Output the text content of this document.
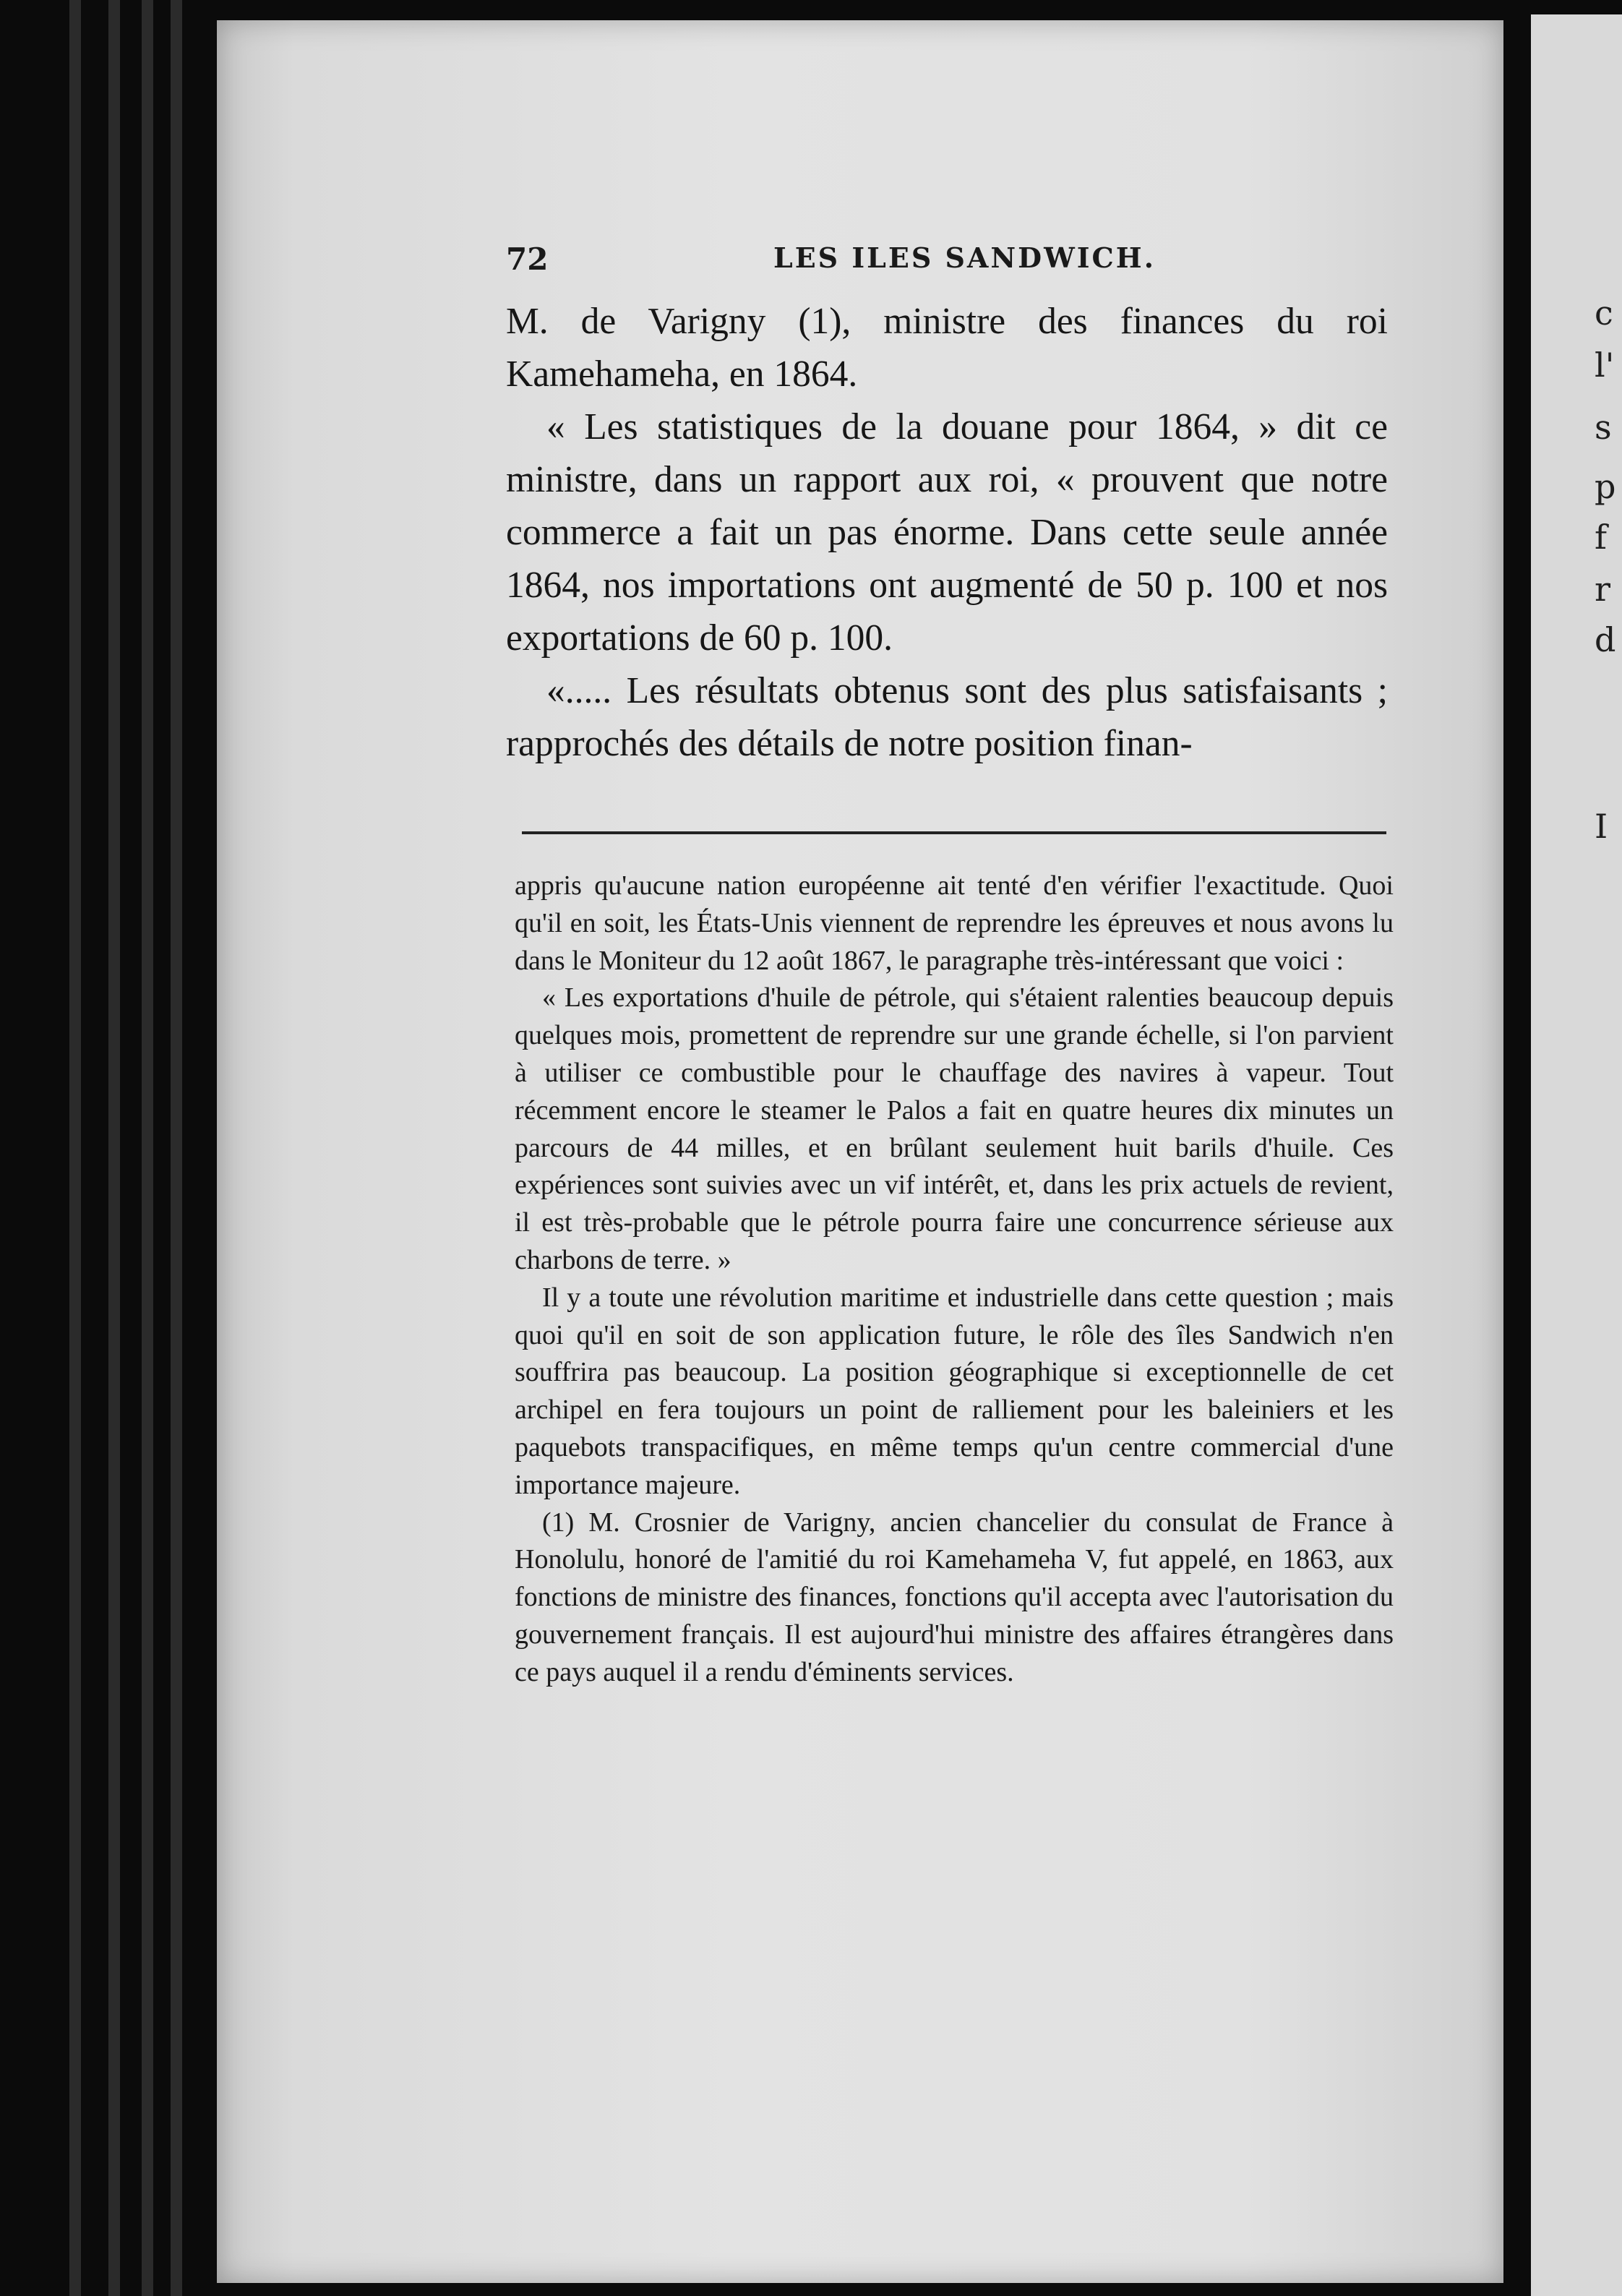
c
l'
s
p
f
r
d
I
72	LES ILES SANDWICH.

M. de Varigny (1), ministre des finances du roi Kamehameha, en 1864.

« Les statistiques de la douane pour 1864, » dit ce ministre, dans un rapport aux roi, « prouvent que notre commerce a fait un pas énorme. Dans cette seule année 1864, nos importations ont augmenté de 50 p. 100 et nos exportations de 60 p. 100.

«..... Les résultats obtenus sont des plus satisfaisants ; rapprochés des détails de notre position finan-

appris qu'aucune nation européenne ait tenté d'en vérifier l'exactitude. Quoi qu'il en soit, les États-Unis viennent de reprendre les épreuves et nous avons lu dans le Moniteur du 12 août 1867, le paragraphe très-intéressant que voici :

« Les exportations d'huile de pétrole, qui s'étaient ralenties beaucoup depuis quelques mois, promettent de reprendre sur une grande échelle, si l'on parvient à utiliser ce combustible pour le chauffage des navires à vapeur. Tout récemment encore le steamer le Palos a fait en quatre heures dix minutes un parcours de 44 milles, et en brûlant seulement huit barils d'huile. Ces expériences sont suivies avec un vif intérêt, et, dans les prix actuels de revient, il est très-probable que le pétrole pourra faire une concurrence sérieuse aux charbons de terre. »

Il y a toute une révolution maritime et industrielle dans cette question ; mais quoi qu'il en soit de son application future, le rôle des îles Sandwich n'en souffrira pas beaucoup. La position géographique si exceptionnelle de cet archipel en fera toujours un point de ralliement pour les baleiniers et les paquebots transpacifiques, en même temps qu'un centre commercial d'une importance majeure.

(1) M. Crosnier de Varigny, ancien chancelier du consulat de France à Honolulu, honoré de l'amitié du roi Kamehameha V, fut appelé, en 1863, aux fonctions de ministre des finances, fonctions qu'il accepta avec l'autorisation du gouvernement français. Il est aujourd'hui ministre des affaires étrangères dans ce pays auquel il a rendu d'éminents services.
